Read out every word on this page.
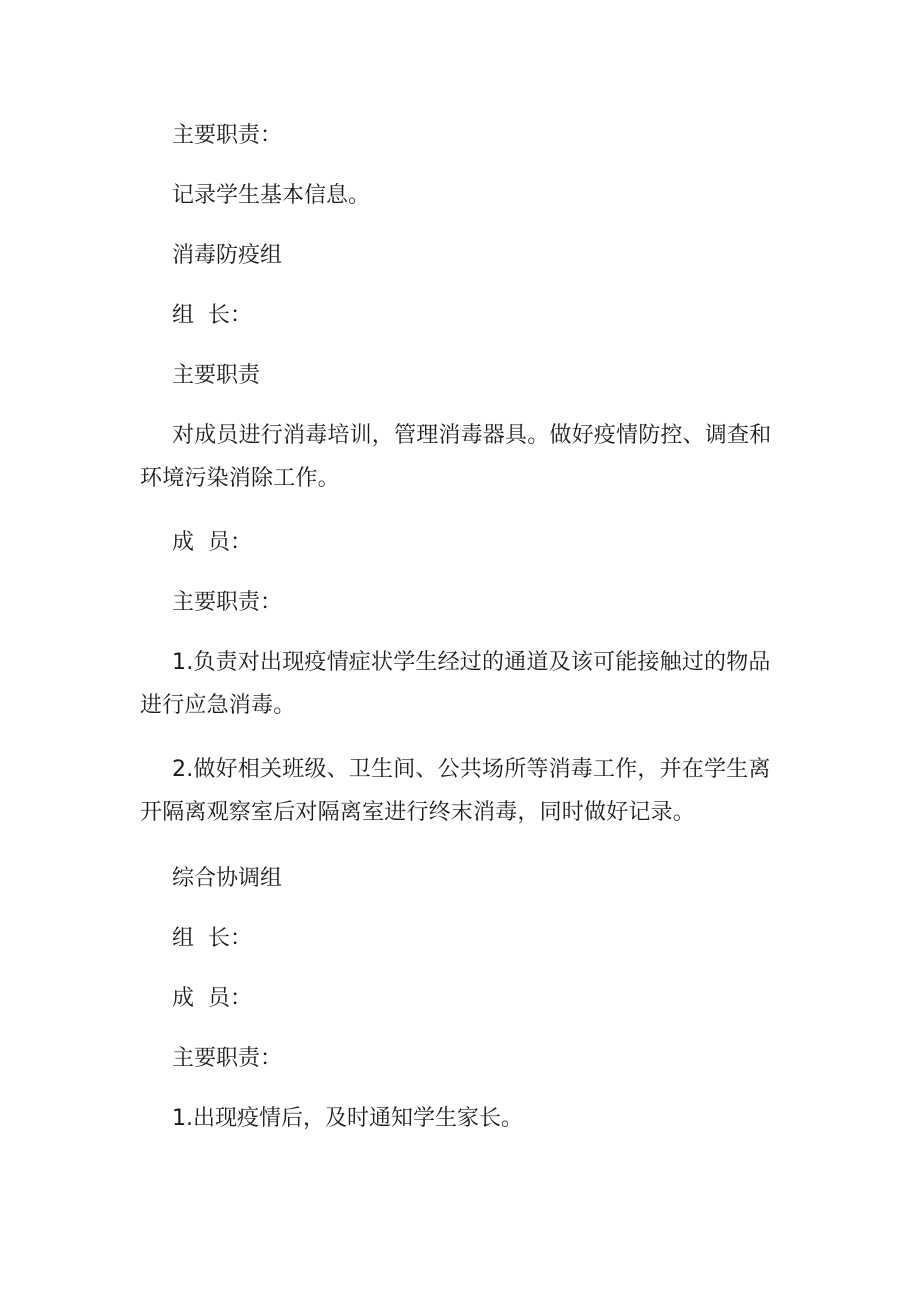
主要职责：

记录学生基本信息。

消毒防疫组

组  长：

主要职责

对成员进行消毒培训，管理消毒器具。做好疫情防控、调查和环境污染消除工作。

成  员：

主要职责：

1.负责对出现疫情症状学生经过的通道及该可能接触过的物品进行应急消毒。

2.做好相关班级、卫生间、公共场所等消毒工作，并在学生离开隔离观察室后对隔离室进行终末消毒，同时做好记录。

综合协调组

组  长：

成  员：

主要职责：

1.出现疫情后，及时通知学生家长。
